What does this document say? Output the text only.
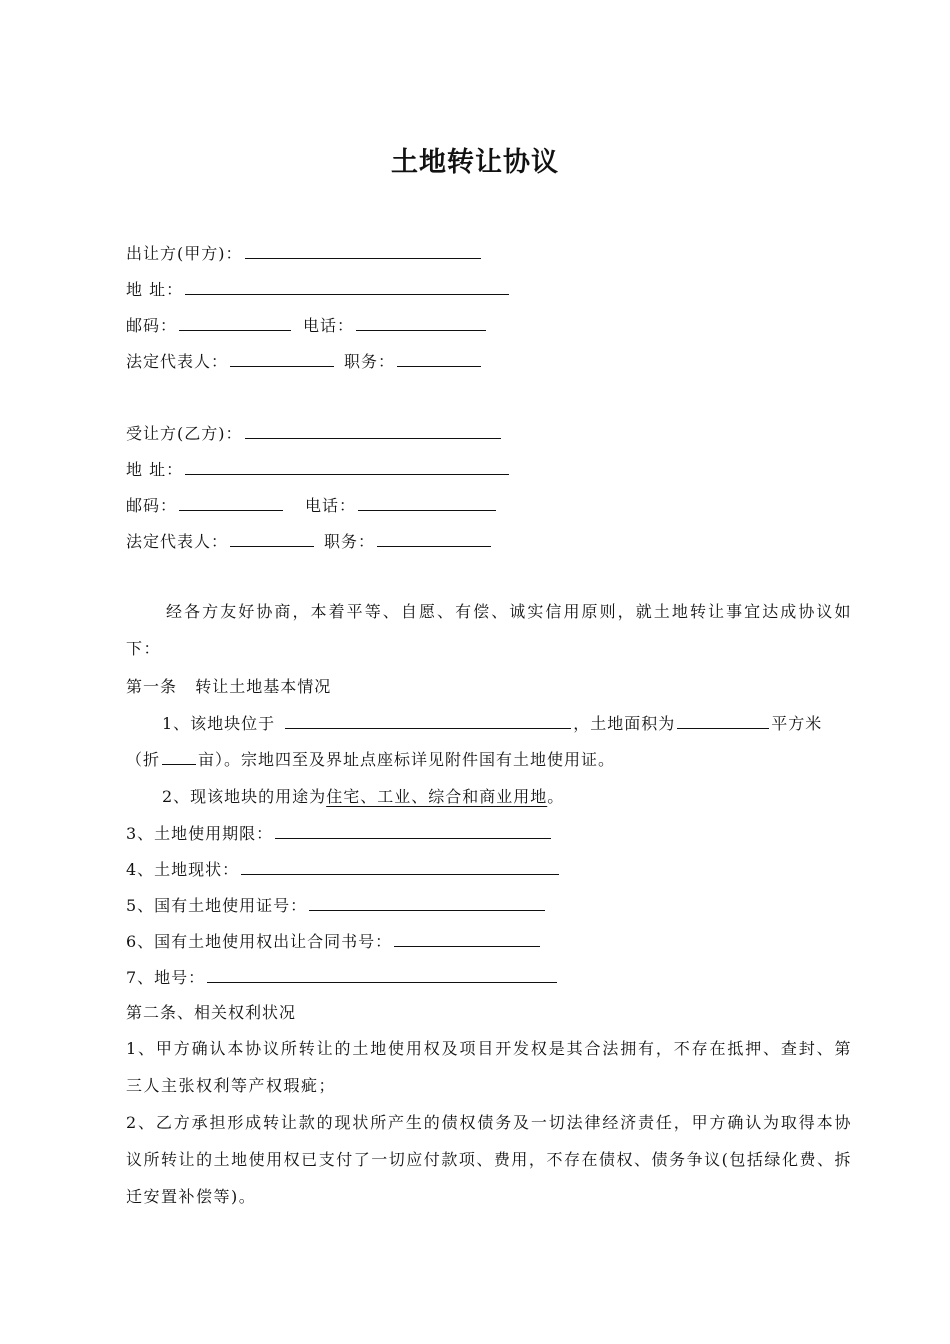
土地转让协议
出让方(甲方)：
地 址：
邮码：	电话：
法定代表人：	职务：
受让方(乙方)：
地 址：
邮码：	电话：
法定代表人：	职务：
经各方友好协商，本着平等、自愿、有偿、诚实信用原则，就土地转让事宜达成协议如下：
第一条   转让土地基本情况
1、该地块位于	，土地面积为	平方米
（折 亩）。宗地四至及界址点座标详见附件国有土地使用证。
2、现该地块的用途为住宅、工业、综合和商业用地。
3、土地使用期限：
4、土地现状：
5、国有土地使用证号：
6、国有土地使用权出让合同书号：
7、地号：
第二条、相关权利状况
1、甲方确认本协议所转让的土地使用权及项目开发权是其合法拥有，不存在抵押、查封、第三人主张权利等产权瑕疵；
2、乙方承担形成转让款的现状所产生的债权债务及一切法律经济责任，甲方确认为取得本协议所转让的土地使用权已支付了一切应付款项、费用，不存在债权、债务争议(包括绿化费、拆迁安置补偿等)。
